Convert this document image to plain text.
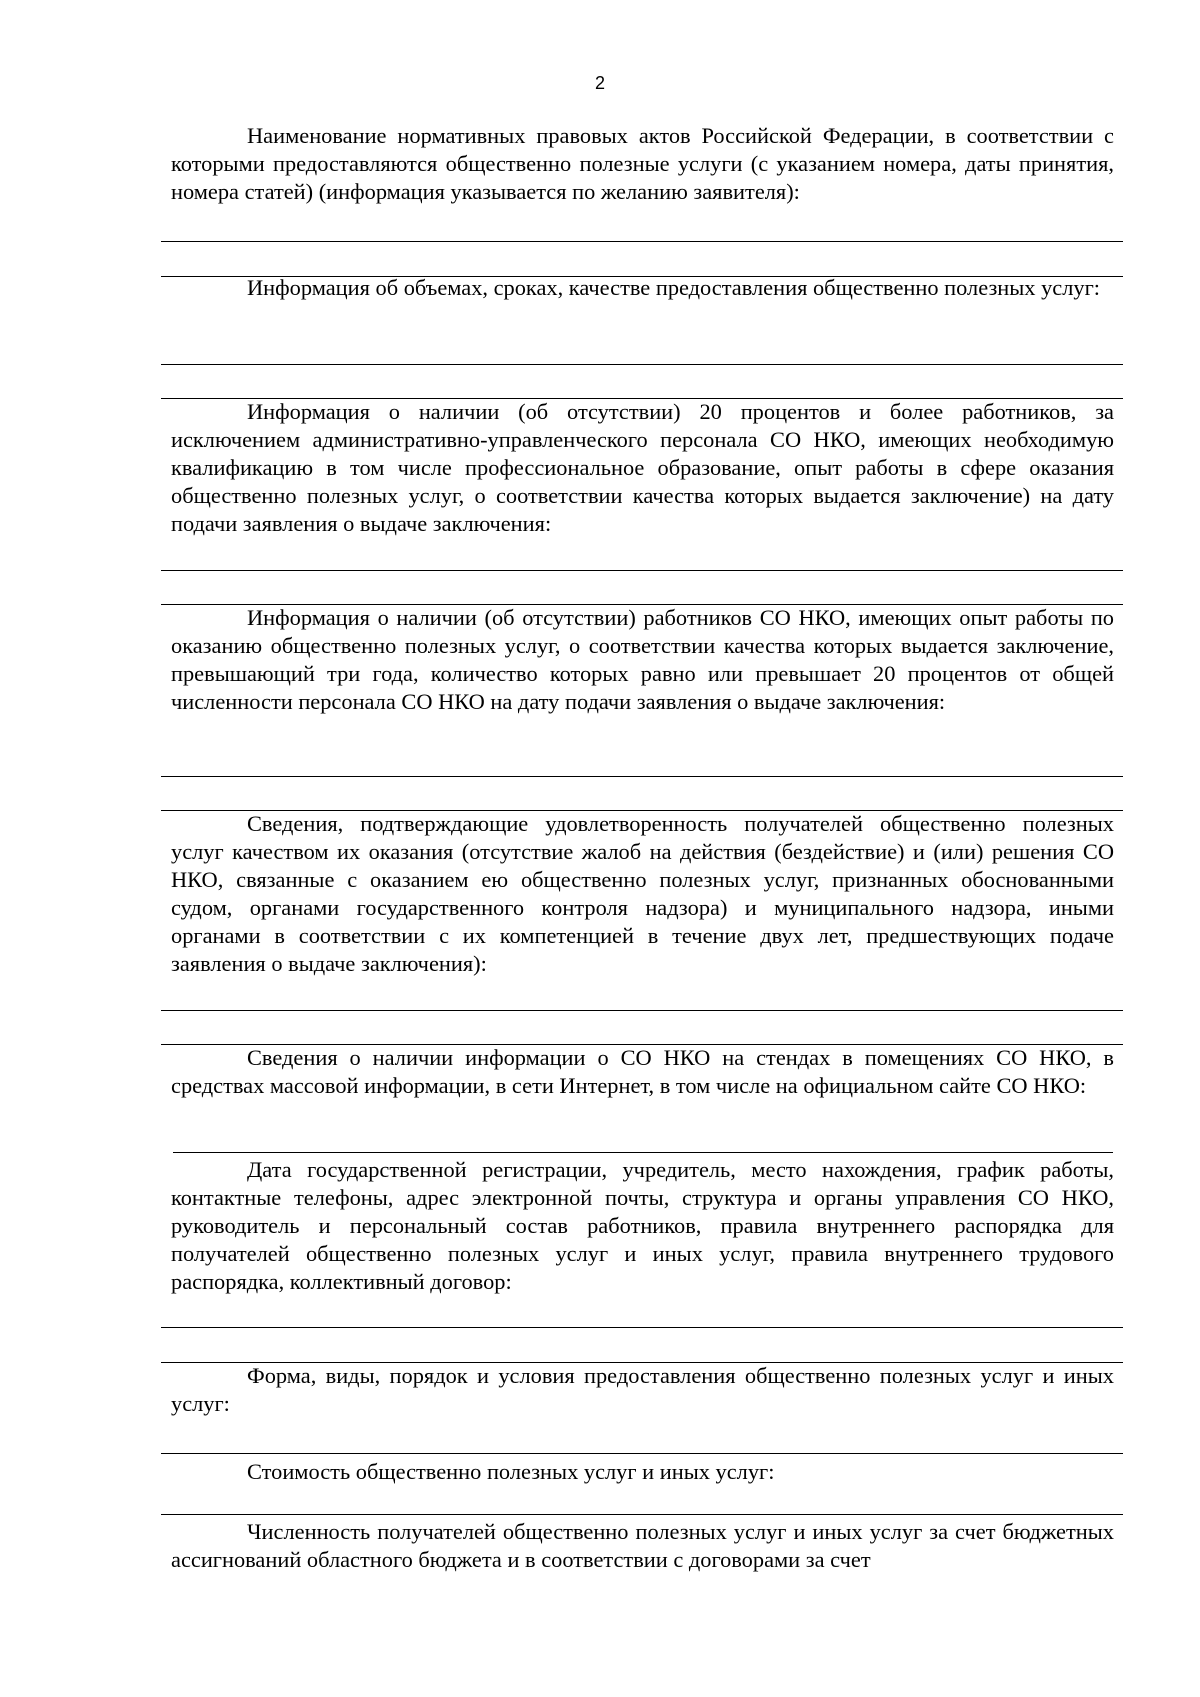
2

Наименование нормативных правовых актов Российской Федерации, в соответствии с которыми предоставляются общественно полезные услуги (с указанием номера, даты принятия, номера статей) (информация указывается по желанию заявителя):

Информация об объемах, сроках, качестве предоставления общественно полезных услуг:

Информация о наличии (об отсутствии) 20 процентов и более работников, за исключением административно-управленческого персонала СО НКО, имеющих необходимую квалификацию в том числе профессиональное образование, опыт работы в сфере оказания общественно полезных услуг, о соответствии качества которых выдается заключение) на дату подачи заявления о выдаче заключения:

Информация о наличии (об отсутствии) работников СО НКО, имеющих опыт работы по оказанию общественно полезных услуг, о соответствии качества которых выдается заключение, превышающий три года, количество которых равно или превышает 20 процентов от общей численности персонала СО НКО на дату подачи заявления о выдаче заключения:

Сведения, подтверждающие удовлетворенность получателей общественно полезных услуг качеством их оказания (отсутствие жалоб на действия (бездействие) и (или) решения СО НКО, связанные с оказанием ею общественно полезных услуг, признанных обоснованными судом, органами государственного контроля надзора) и муниципального надзора, иными органами в соответствии с их компетенцией в течение двух лет, предшествующих подаче заявления о выдаче заключения):

Сведения о наличии информации о СО НКО на стендах в помещениях СО НКО, в средствах массовой информации, в сети Интернет, в том числе на официальном сайте СО НКО:

Дата государственной регистрации, учредитель, место нахождения, график работы, контактные телефоны, адрес электронной почты, структура и органы управления СО НКО, руководитель и персональный состав работников, правила внутреннего распорядка для получателей общественно полезных услуг и иных услуг, правила внутреннего трудового распорядка, коллективный договор:

Форма, виды, порядок и условия предоставления общественно полезных услуг и иных услуг:

Стоимость общественно полезных услуг и иных услуг:

Численность получателей общественно полезных услуг и иных услуг за счет бюджетных ассигнований областного бюджета и в соответствии с договорами за счет
